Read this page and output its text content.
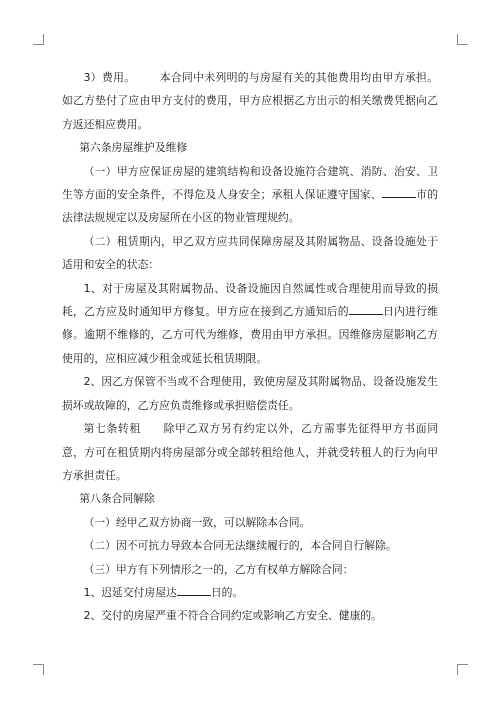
3）费用。 本合同中未列明的与房屋有关的其他费用均由甲方承担。如乙方垫付了应由甲方支付的费用，甲方应根据乙方出示的相关缴费凭据向乙方返还相应费用。

第六条房屋维护及维修

（一）甲方应保证房屋的建筑结构和设备设施符合建筑、消防、治安、卫生等方面的安全条件，不得危及人身安全；承租人保证遵守国家、	市的法律法规规定以及房屋所在小区的物业管理规约。

（二）租赁期内，甲乙双方应共同保障房屋及其附属物品、设备设施处于适用和安全的状态：

1、对于房屋及其附属物品、设备设施因自然属性或合理使用而导致的损耗，乙方应及时通知甲方修复。甲方应在接到乙方通知后的	日内进行维修。逾期不维修的，乙方可代为维修，费用由甲方承担。因维修房屋影响乙方使用的，应相应减少租金或延长租赁期限。

2、因乙方保管不当或不合理使用，致使房屋及其附属物品、设备设施发生损坏或故障的，乙方应负责维修或承担赔偿责任。

第七条转租 除甲乙双方另有约定以外，乙方需事先征得甲方书面同意，方可在租赁期内将房屋部分或全部转租给他人，并就受转租人的行为向甲方承担责任。

第八条合同解除

（一）经甲乙双方协商一致，可以解除本合同。

（二）因不可抗力导致本合同无法继续履行的，本合同自行解除。

（三）甲方有下列情形之一的，乙方有权单方解除合同：

1、迟延交付房屋达	日的。

2、交付的房屋严重不符合合同约定或影响乙方安全、健康的。
